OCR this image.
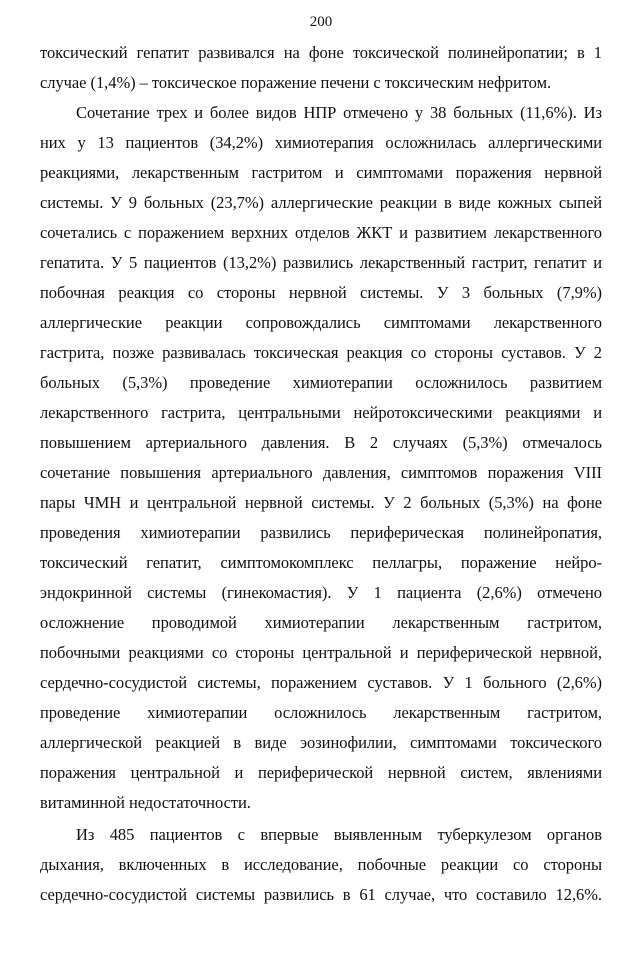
200
токсический гепатит развивался на фоне токсической полинейропатии; в 1
случае (1,4%) – токсическое поражение печени с токсическим нефритом.
Сочетание трех и более видов НПР отмечено у 38 больных (11,6%). Из
них у 13 пациентов (34,2%) химиотерапия осложнилась аллергическими
реакциями, лекарственным гастритом и симптомами поражения нервной
системы. У 9 больных (23,7%) аллергические реакции в виде кожных сыпей
сочетались с поражением верхних отделов ЖКТ и развитием лекарственного
гепатита. У 5 пациентов (13,2%) развились лекарственный гастрит, гепатит и
побочная реакция со стороны нервной системы. У 3 больных (7,9%)
аллергические реакции сопровождались симптомами лекарственного
гастрита, позже развивалась токсическая реакция со стороны суставов. У 2
больных (5,3%) проведение химиотерапии осложнилось развитием
лекарственного гастрита, центральными нейротоксическими реакциями и
повышением артериального давления. В 2 случаях (5,3%) отмечалось
сочетание повышения артериального давления, симптомов поражения VIII
пары ЧМН и центральной нервной системы. У 2 больных (5,3%) на фоне
проведения химиотерапии развились периферическая полинейропатия,
токсический гепатит, симптомокомплекс пеллагры, поражение нейро-
эндокринной системы (гинекомастия). У 1 пациента (2,6%) отмечено
осложнение проводимой химиотерапии лекарственным гастритом,
побочными реакциями со стороны центральной и периферической нервной,
сердечно-сосудистой системы, поражением суставов. У 1 больного (2,6%)
проведение химиотерапии осложнилось лекарственным гастритом,
аллергической реакцией в виде эозинофилии, симптомами токсического
поражения центральной и периферической нервной систем, явлениями
витаминной недостаточности.
Из 485 пациентов с впервые выявленным туберкулезом органов
дыхания, включенных в исследование, побочные реакции со стороны
сердечно-сосудистой системы развились в 61 случае, что составило 12,6%.
